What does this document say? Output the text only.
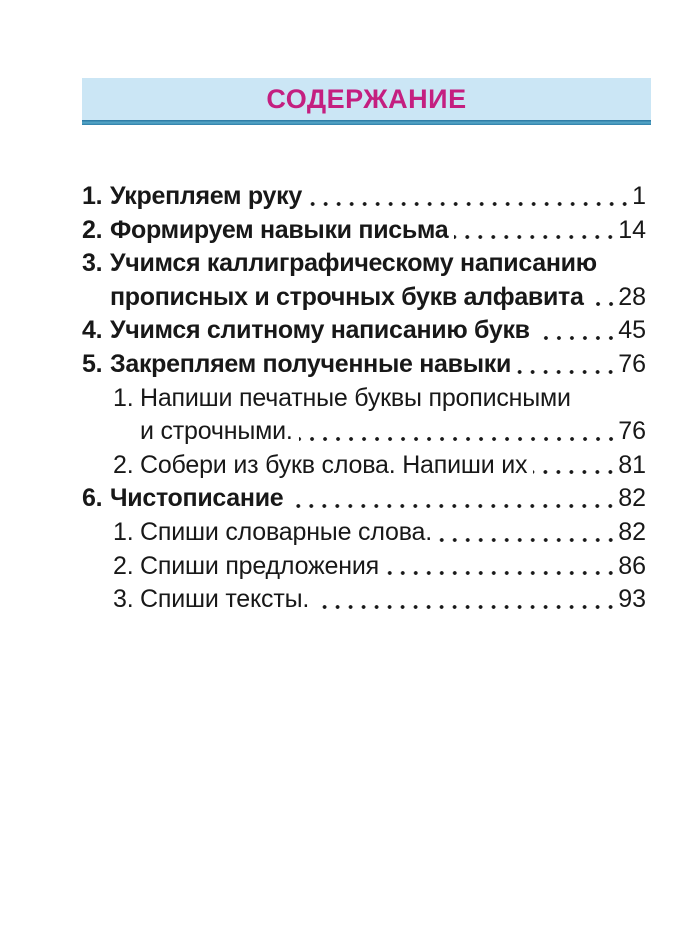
СОДЕРЖАНИЕ
1. Укрепляем руку	1
2. Формируем навыки письма	14
3. Учимся каллиграфическому написанию
прописных и строчных букв алфавита 28
4. Учимся слитному написанию букв	45
5. Закрепляем полученные навыки	76
1. Напиши печатные буквы прописными
и строчными.	76
2. Собери из букв слова. Напиши их	81
6. Чистописание	82
1. Спиши словарные слова.	82
2. Спиши предложения	86
3. Спиши тексты.	93
